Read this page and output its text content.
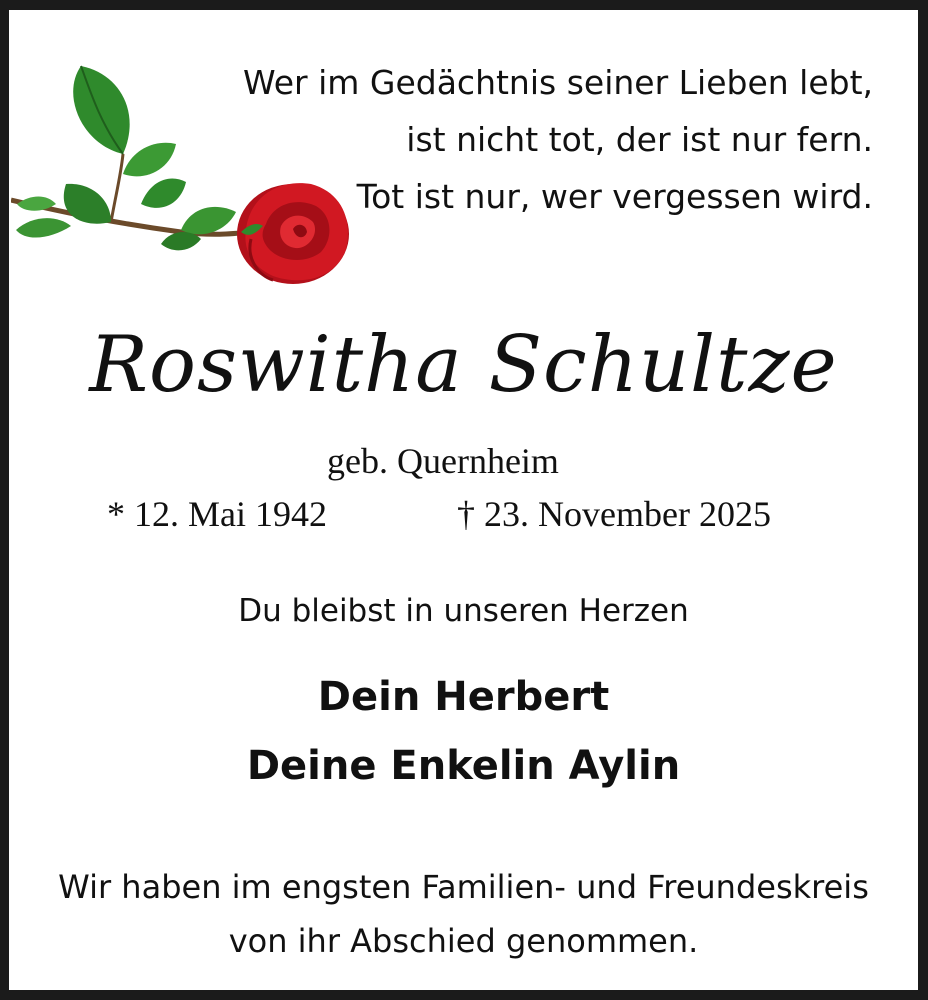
Wer im Gedächtnis seiner Lieben lebt,
ist nicht tot, der ist nur fern.
Tot ist nur, wer vergessen wird.
Roswitha Schultze
geb. Quernheim
* 12. Mai 1942	† 23. November 2025
Du bleibst in unseren Herzen
Dein Herbert
Deine Enkelin Aylin
Wir haben im engsten Familien- und Freundeskreis
von ihr Abschied genommen.
